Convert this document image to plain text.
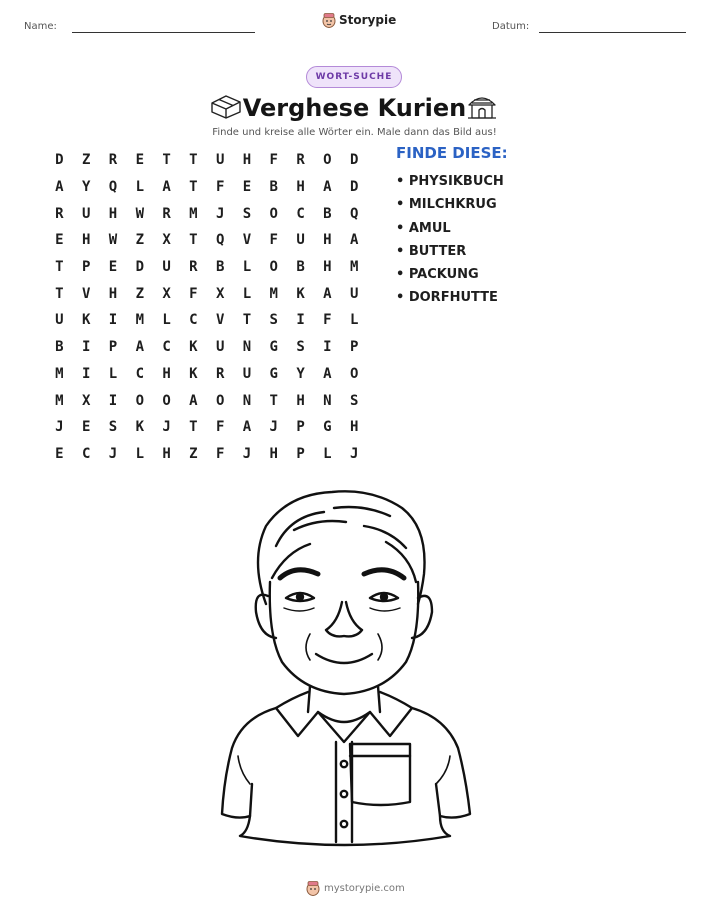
Name:	Storypie	Datum:
WORT-SUCHE
Verghese Kurien
Finde und kreise alle Wörter ein. Male dann das Bild aus!
D	Z	R	E	T	T	U	H	F	R	O	D
A	Y	Q	L	A	T	F	E	B	H	A	D
R	U	H	W	R	M	J	S	O	C	B	Q
E	H	W	Z	X	T	Q	V	F	U	H	A
T	P	E	D	U	R	B	L	O	B	H	M
T	V	H	Z	X	F	X	L	M	K	A	U
U	K	I	M	L	C	V	T	S	I	F	L
B	I	P	A	C	K	U	N	G	S	I	P
M	I	L	C	H	K	R	U	G	Y	A	O
M	X	I	O	O	A	O	N	T	H	N	S
J	E	S	K	J	T	F	A	J	P	G	H
E	C	J	L	H	Z	F	J	H	P	L	J
FINDE DIESE:
• PHYSIKBUCH
• MILCHKRUG
• AMUL
• BUTTER
• PACKUNG
• DORFHUTTE
mystorypie.com
